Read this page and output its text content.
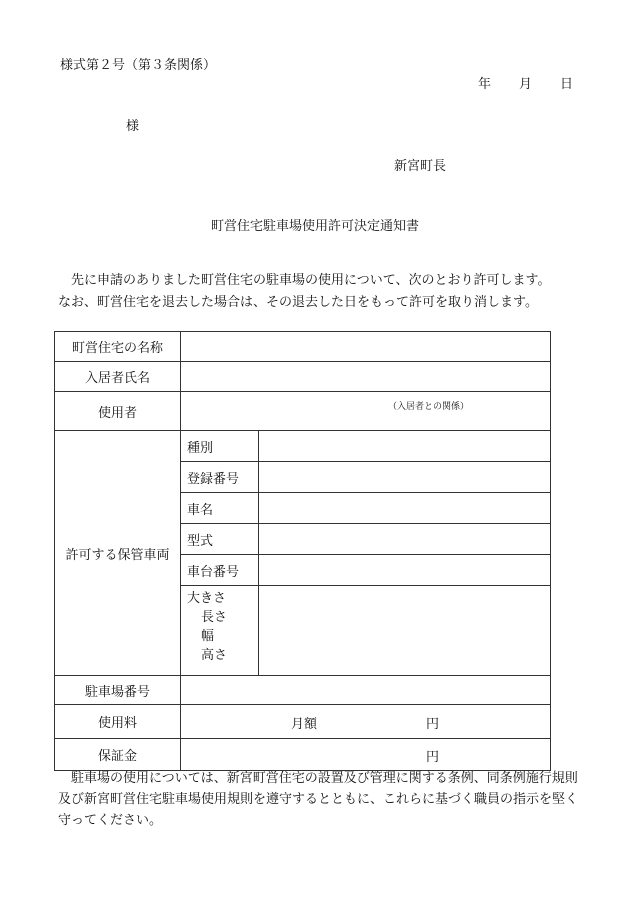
様式第２号（第３条関係）
年 月 日
様
新宮町長
町営住宅駐車場使用許可決定通知書
先に申請のありました町営住宅の駐車場の使用について、次のとおり許可します。
なお、町営住宅を退去した場合は、その退去した日をもって許可を取り消します。
町営住宅の名称		
入居者氏名		
使用者	（入居者との関係）	

許可する保管車両	種別	
	登録番号	
	車名	
	型式	
	車台番号	

	大きさ
長さ
幅
高さ	

駐車場番号		
使用料	月額 円	

保証金	円	
駐車場の使用については、新宮町営住宅の設置及び管理に関する条例、同条例施行規則及び新宮町営住宅駐車場使用規則を遵守するとともに、これらに基づく職員の指示を堅く守ってください。
